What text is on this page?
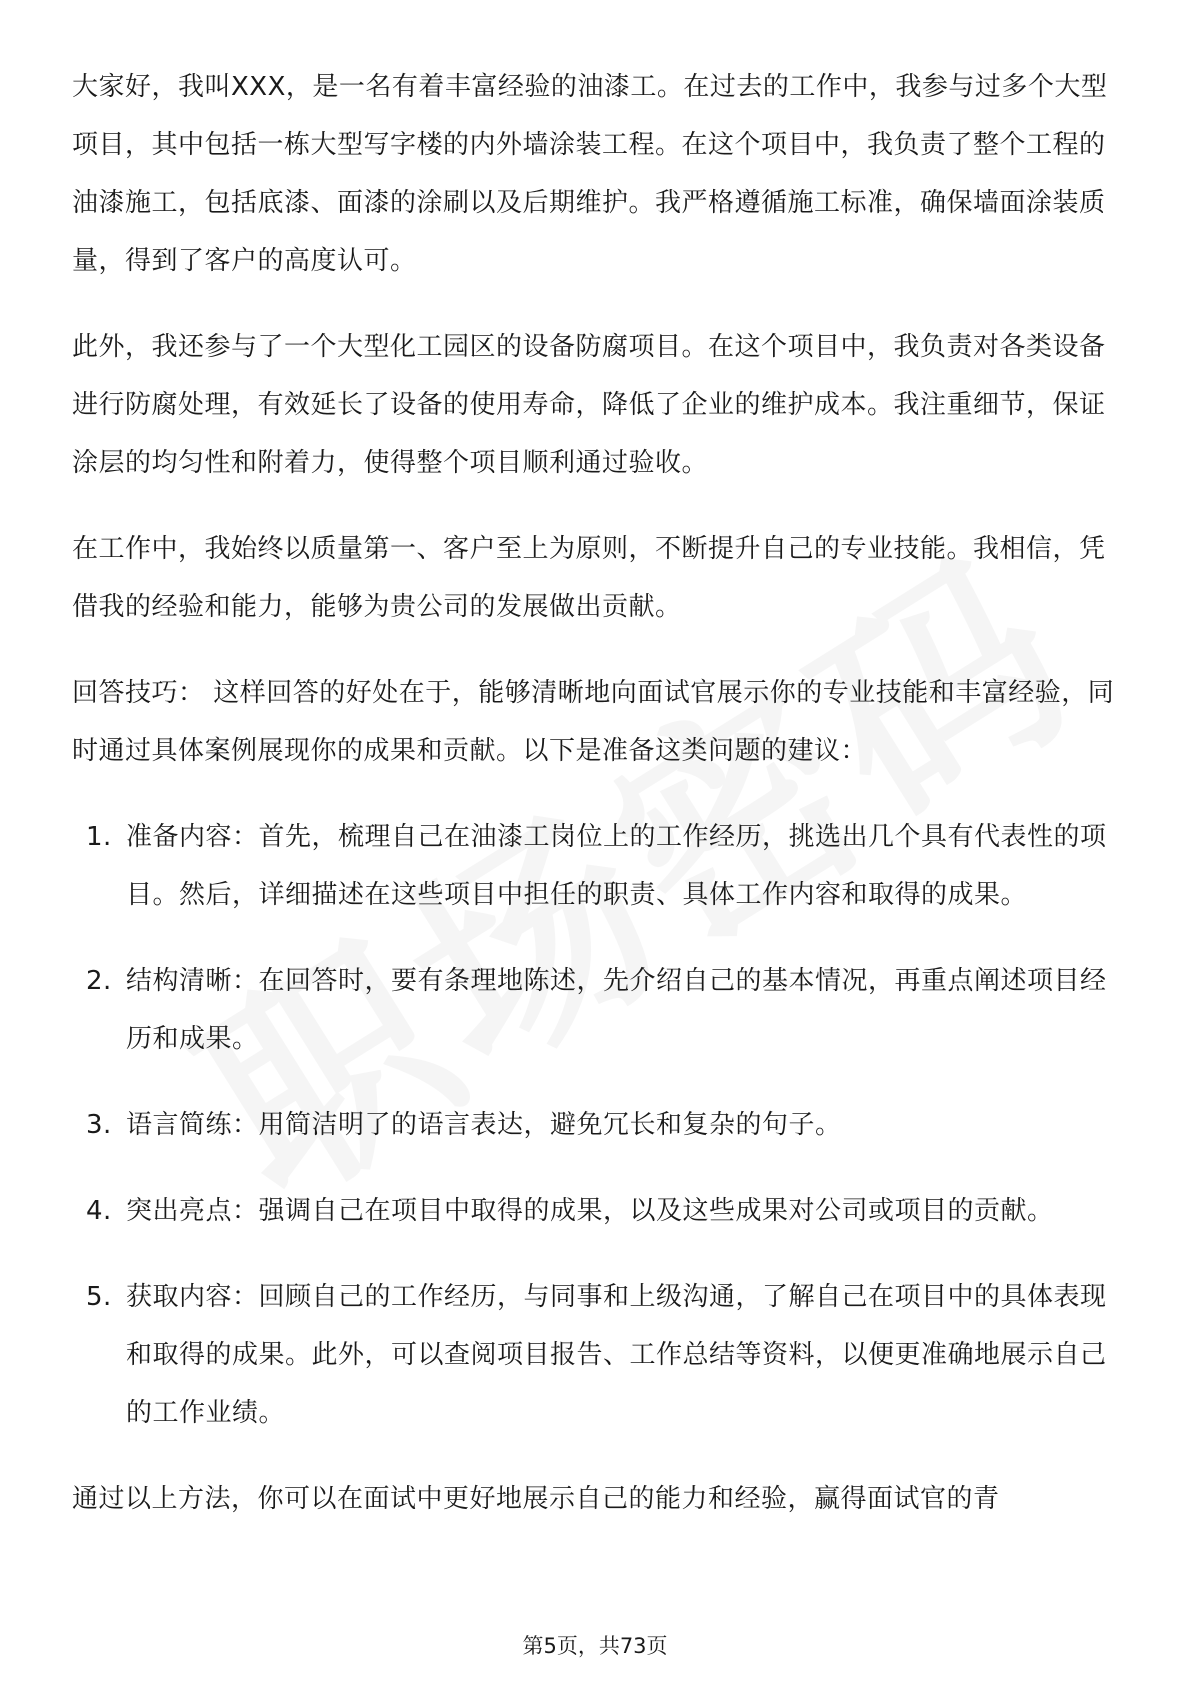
大家好，我叫XXX，是一名有着丰富经验的油漆工。在过去的工作中，我参与过多个大型项目，其中包括一栋大型写字楼的内外墙涂装工程。在这个项目中，我负责了整个工程的油漆施工，包括底漆、面漆的涂刷以及后期维护。我严格遵循施工标准，确保墙面涂装质量，得到了客户的高度认可。

此外，我还参与了一个大型化工园区的设备防腐项目。在这个项目中，我负责对各类设备进行防腐处理，有效延长了设备的使用寿命，降低了企业的维护成本。我注重细节，保证涂层的均匀性和附着力，使得整个项目顺利通过验收。

在工作中，我始终以质量第一、客户至上为原则，不断提升自己的专业技能。我相信，凭借我的经验和能力，能够为贵公司的发展做出贡献。

回答技巧： 这样回答的好处在于，能够清晰地向面试官展示你的专业技能和丰富经验，同时通过具体案例展现你的成果和贡献。以下是准备这类问题的建议：

1. 准备内容：首先，梳理自己在油漆工岗位上的工作经历，挑选出几个具有代表性的项目。然后，详细描述在这些项目中担任的职责、具体工作内容和取得的成果。
2. 结构清晰：在回答时，要有条理地陈述，先介绍自己的基本情况，再重点阐述项目经历和成果。
3. 语言简练：用简洁明了的语言表达，避免冗长和复杂的句子。
4. 突出亮点：强调自己在项目中取得的成果，以及这些成果对公司或项目的贡献。
5. 获取内容：回顾自己的工作经历，与同事和上级沟通，了解自己在项目中的具体表现和取得的成果。此外，可以查阅项目报告、工作总结等资料，以便更准确地展示自己的工作业绩。

通过以上方法，你可以在面试中更好地展示自己的能力和经验，赢得面试官的青

第5页，共73页
